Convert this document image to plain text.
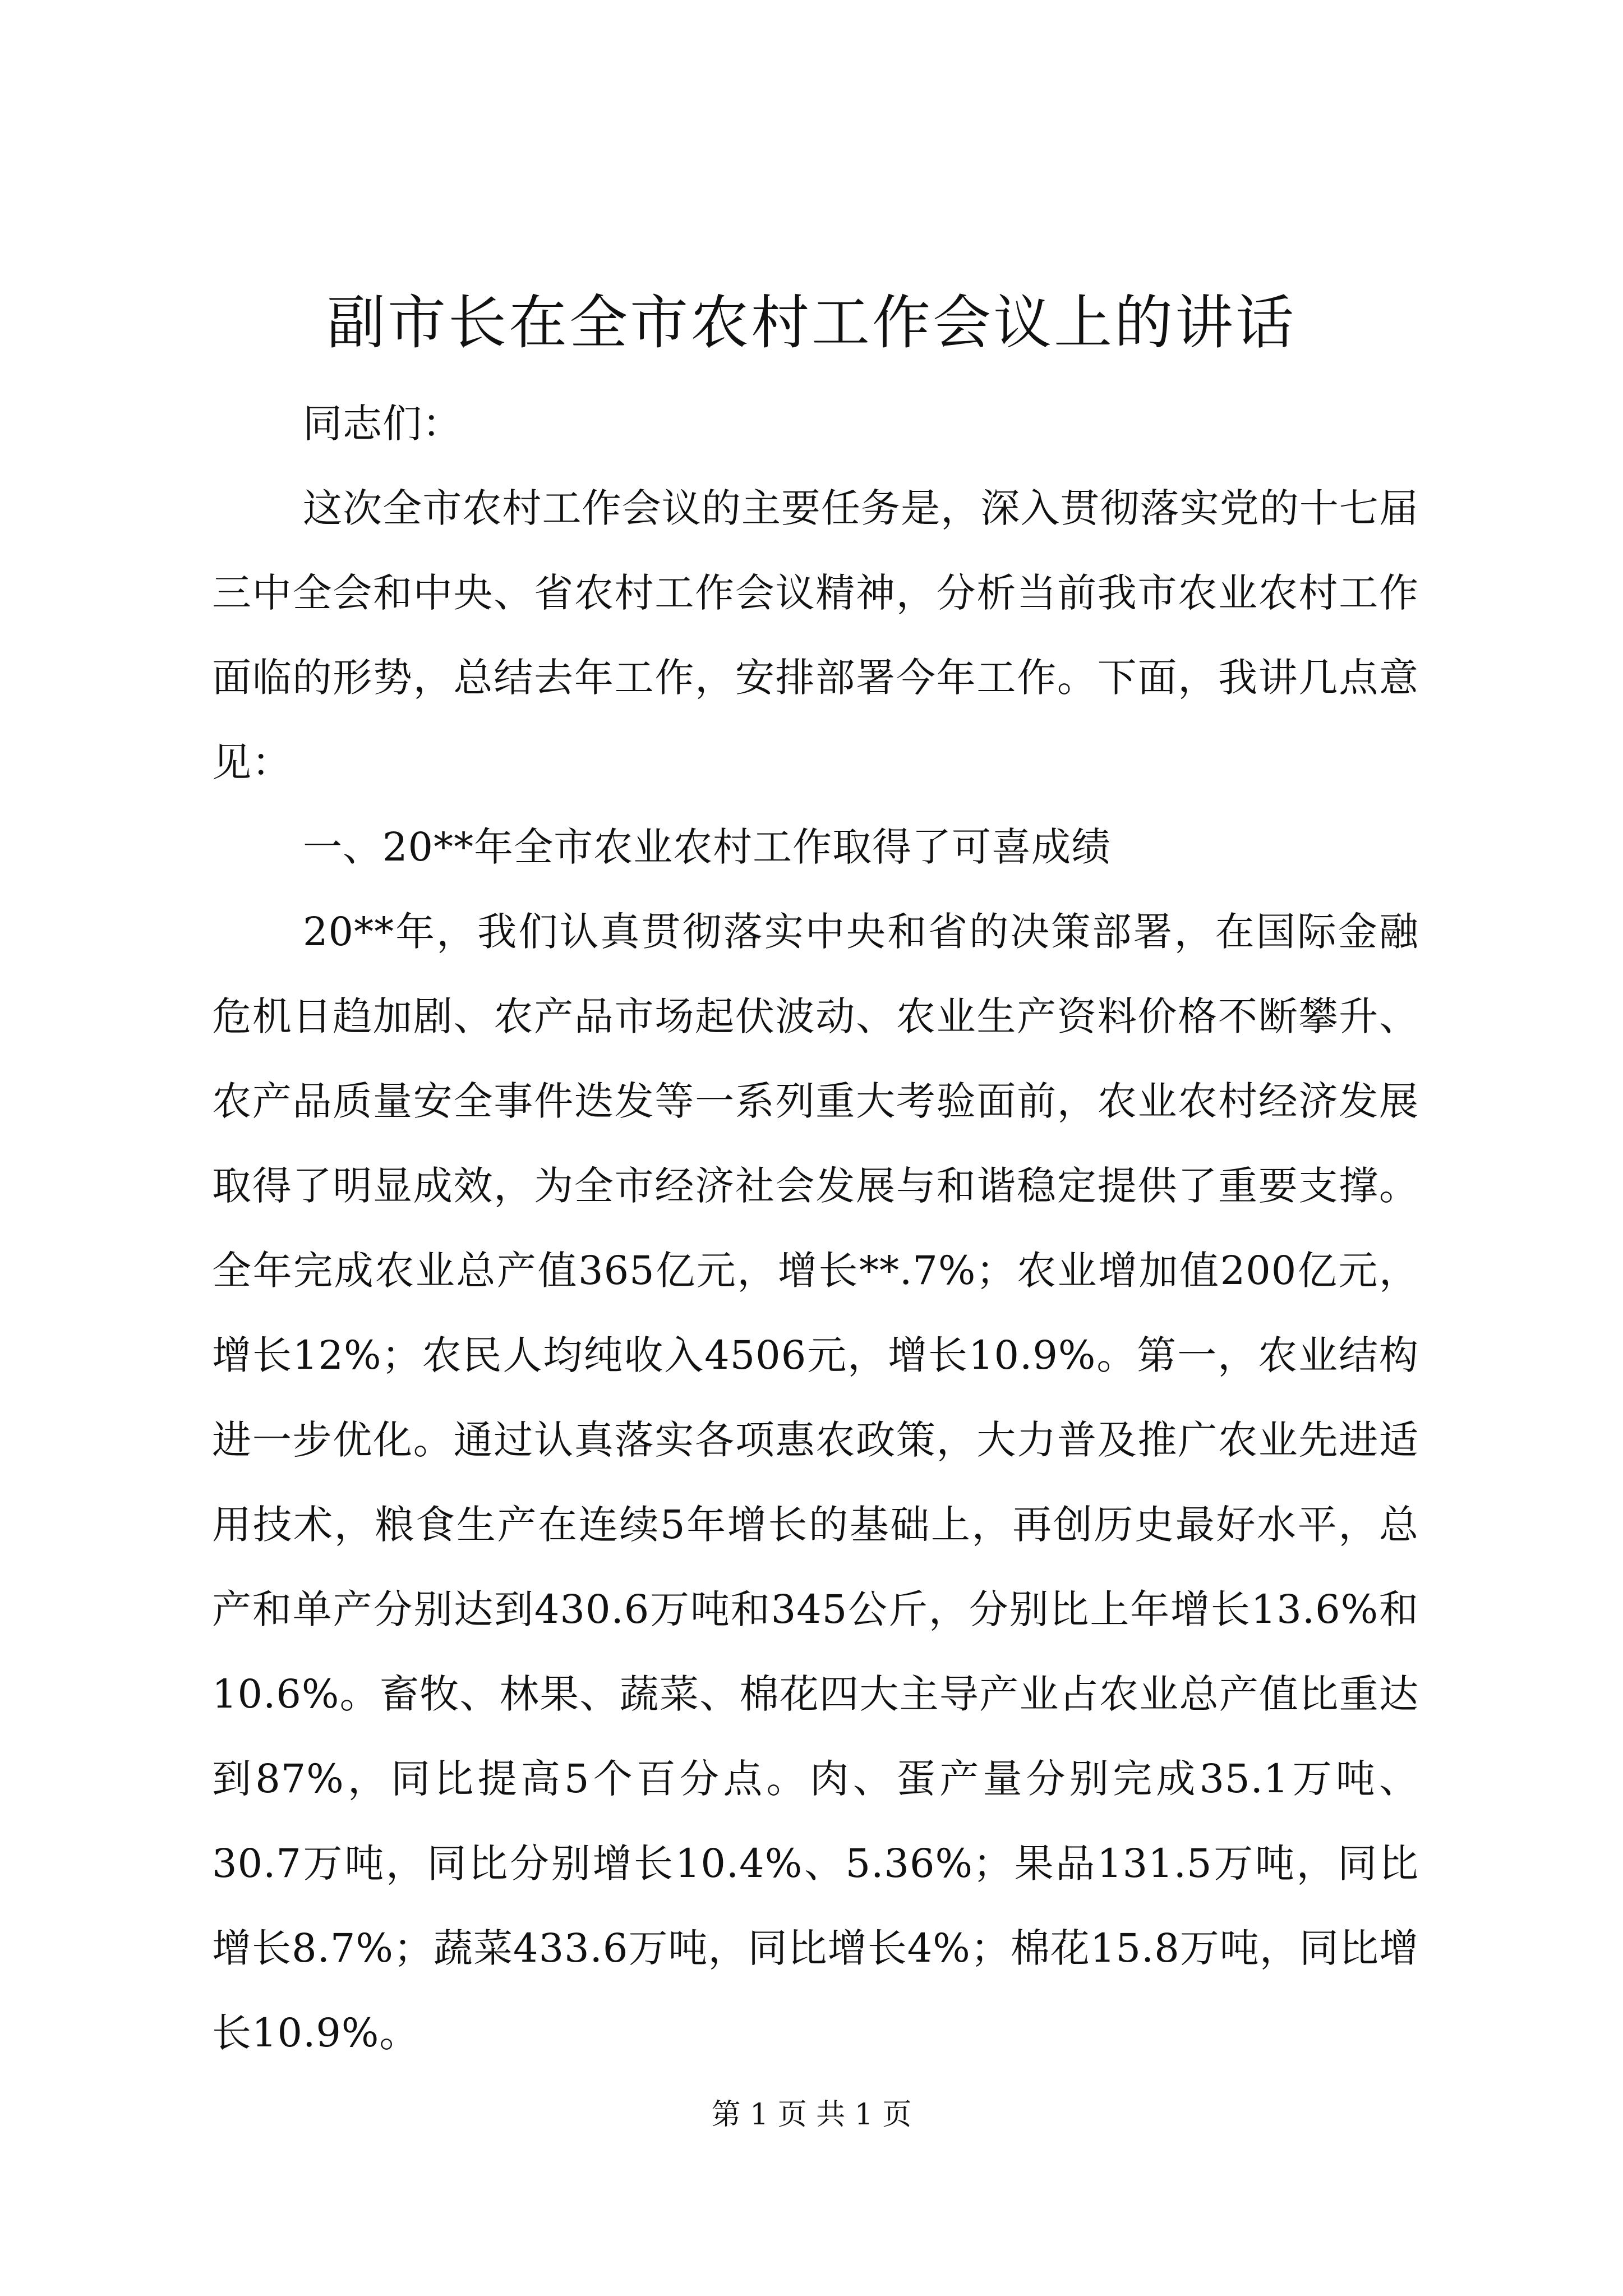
副市长在全市农村工作会议上的讲话

同志们：

这次全市农村工作会议的主要任务是，深入贯彻落实党的十七届三中全会和中央、省农村工作会议精神，分析当前我市农业农村工作面临的形势，总结去年工作，安排部署今年工作。下面，我讲几点意见：

一、20**年全市农业农村工作取得了可喜成绩

20**年，我们认真贯彻落实中央和省的决策部署，在国际金融危机日趋加剧、农产品市场起伏波动、农业生产资料价格不断攀升、农产品质量安全事件迭发等一系列重大考验面前，农业农村经济发展取得了明显成效，为全市经济社会发展与和谐稳定提供了重要支撑。全年完成农业总产值365亿元，增长**.7%；农业增加值200亿元，增长12%；农民人均纯收入4506元，增长10.9%。第一，农业结构进一步优化。通过认真落实各项惠农政策，大力普及推广农业先进适用技术，粮食生产在连续5年增长的基础上，再创历史最好水平，总产和单产分别达到430.6万吨和345公斤，分别比上年增长13.6%和10.6%。畜牧、林果、蔬菜、棉花四大主导产业占农业总产值比重达到87%，同比提高5个百分点。肉、蛋产量分别完成35.1万吨、30.7万吨，同比分别增长10.4%、5.36%；果品131.5万吨，同比增长8.7%；蔬菜433.6万吨，同比增长4%；棉花15.8万吨，同比增长10.9%。

第 1 页 共 1 页
